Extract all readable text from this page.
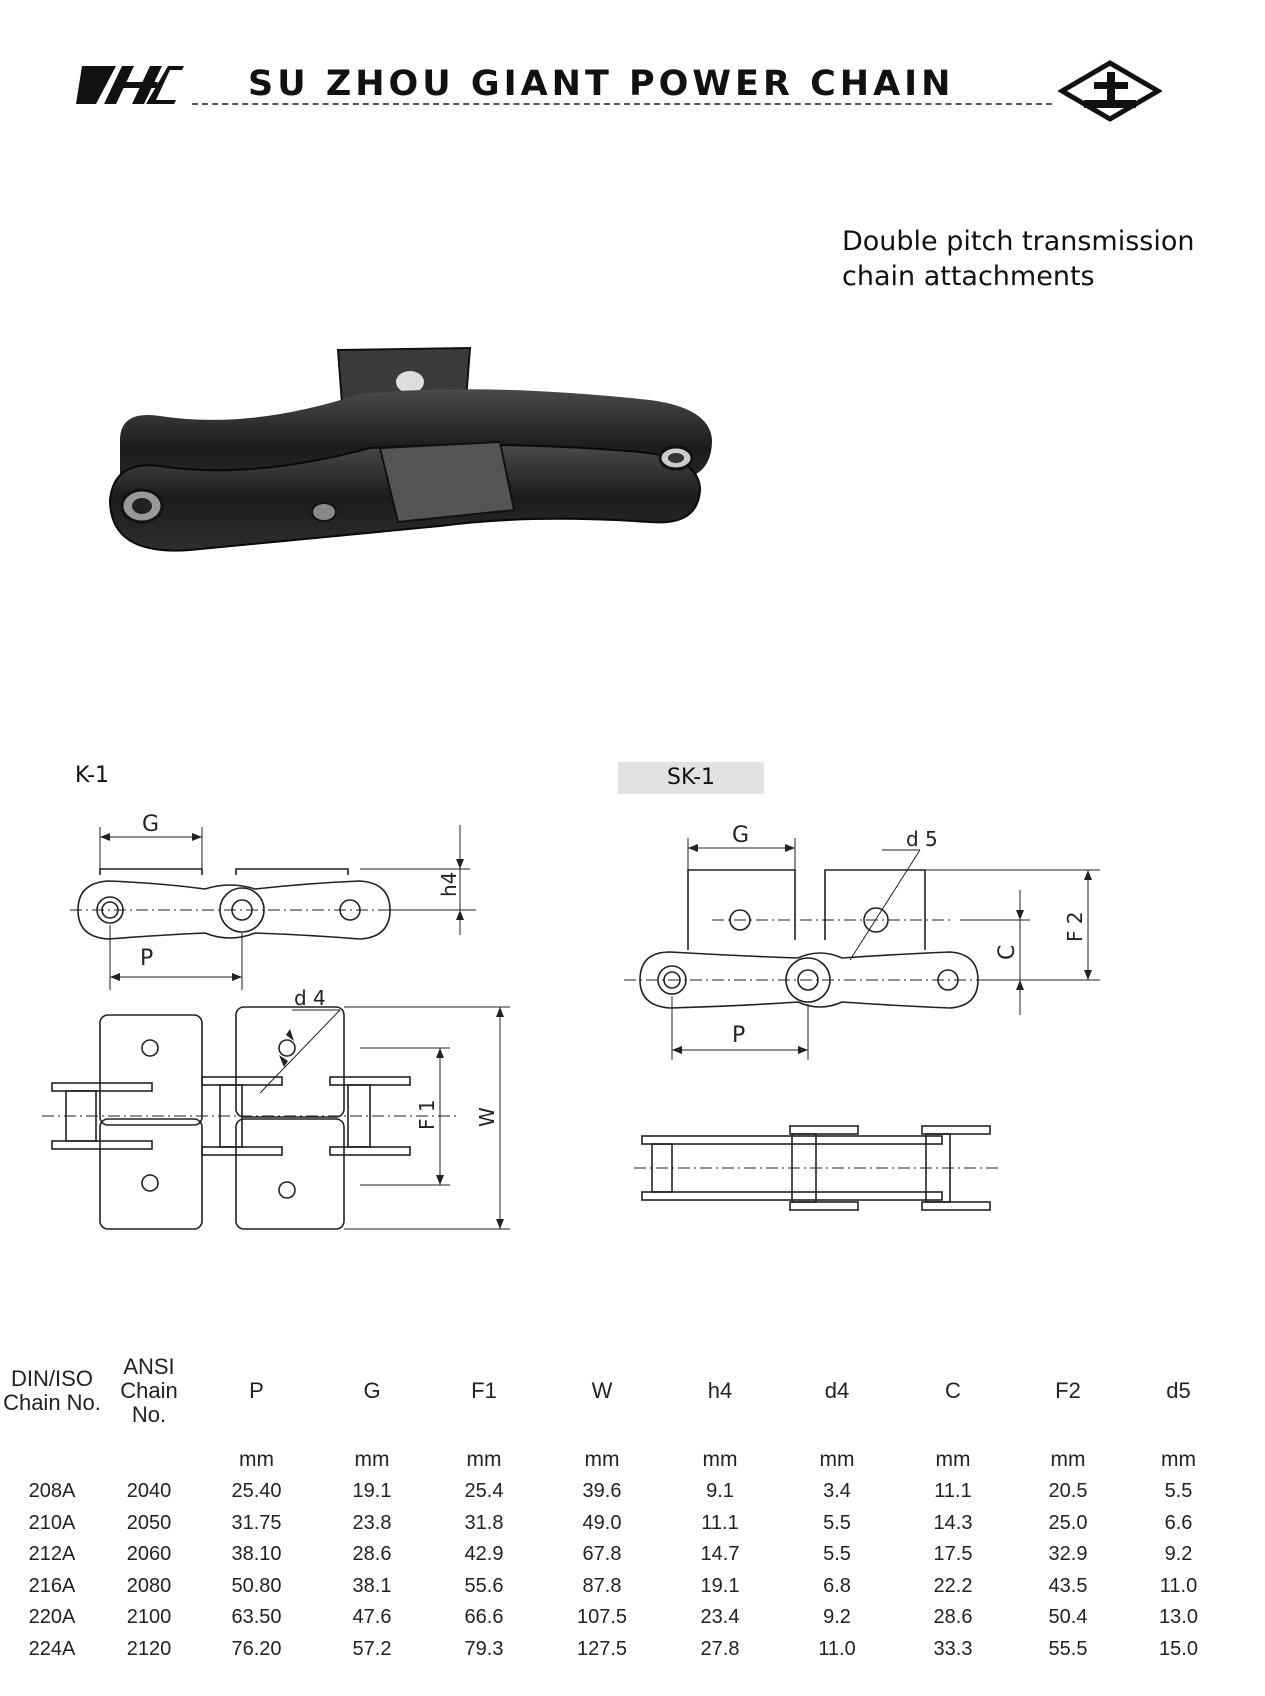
SU ZHOU GIANT POWER CHAIN
Double pitch transmission
chain attachments
K-1
G
P
h4
d 4
F 1 W
SK-1
G
P
d 5
C
F 2
DIN/ISO Chain No.	ANSI Chain No.	P	G	F1	W	h4	d4	C	F2	d5
		mm	mm	mm	mm	mm	mm	mm	mm	mm
208A	2040	25.40	19.1	25.4	39.6	9.1	3.4	11.1	20.5	5.5
210A	2050	31.75	23.8	31.8	49.0	11.1	5.5	14.3	25.0	6.6
212A	2060	38.10	28.6	42.9	67.8	14.7	5.5	17.5	32.9	9.2
216A	2080	50.80	38.1	55.6	87.8	19.1	6.8	22.2	43.5	11.0
220A	2100	63.50	47.6	66.6	107.5	23.4	9.2	28.6	50.4	13.0
224A	2120	76.20	57.2	79.3	127.5	27.8	11.0	33.3	55.5	15.0
